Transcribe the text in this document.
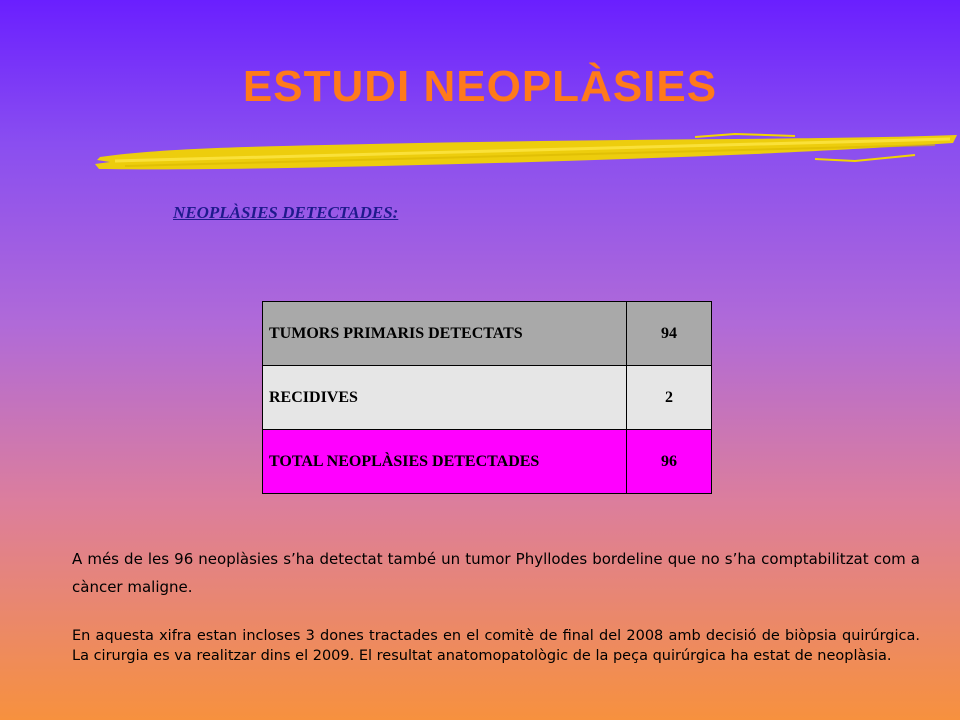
ESTUDI NEOPLÀSIES
NEOPLÀSIES DETECTADES:
TUMORS PRIMARIS DETECTATS	94
RECIDIVES	2
TOTAL NEOPLÀSIES DETECTADES	96
A més de les 96 neoplàsies s’ha detectat també un tumor Phyllodes bordeline que no s’ha comptabilitzat com a càncer maligne.
En aquesta xifra estan incloses 3 dones tractades en el comitè de final del 2008 amb decisió de biòpsia quirúrgica. La cirurgia es va realitzar dins el 2009. El resultat anatomopatològic de la peça quirúrgica ha estat de neoplàsia.
